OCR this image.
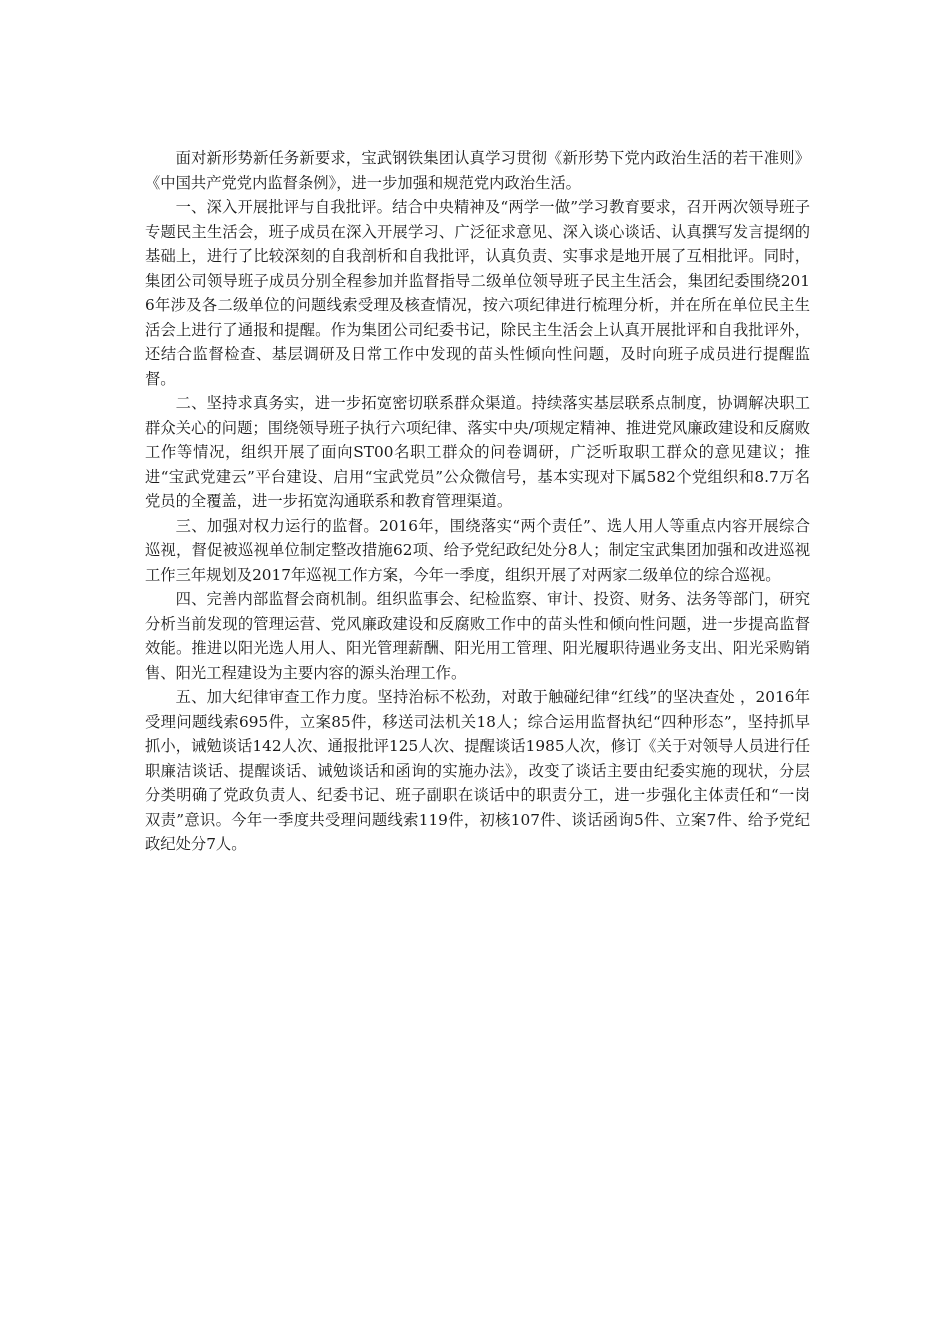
面对新形势新任务新要求，宝武钢铁集团认真学习贯彻《新形势下党内政治生活的若干准则》《中国共产党党内监督条例》，进一步加强和规范党内政治生活。

一、深入开展批评与自我批评。结合中央精神及“两学一做”学习教育要求，召开两次领导班子专题民主生活会，班子成员在深入开展学习、广泛征求意见、深入谈心谈话、认真撰写发言提纲的基础上，进行了比较深刻的自我剖析和自我批评，认真负责、实事求是地开展了互相批评。同时，集团公司领导班子成员分别全程参加并监督指导二级单位领导班子民主生活会，集团纪委围绕2016年涉及各二级单位的问题线索受理及核查情况，按六项纪律进行梳理分析，并在所在单位民主生活会上进行了通报和提醒。作为集团公司纪委书记，除民主生活会上认真开展批评和自我批评外，还结合监督检查、基层调研及日常工作中发现的苗头性倾向性问题，及时向班子成员进行提醒监督。

二、坚持求真务实，进一步拓宽密切联系群众渠道。持续落实基层联系点制度，协调解决职工群众关心的问题；围绕领导班子执行六项纪律、落实中央/项规定精神、推进党风廉政建设和反腐败工作等情况，组织开展了面向ST00名职工群众的问卷调研，广泛听取职工群众的意见建议；推进“宝武党建云”平台建设、启用“宝武党员”公众微信号，基本实现对下属582个党组织和8.7万名党员的全覆盖，进一步拓宽沟通联系和教育管理渠道。

三、加强对权力运行的监督。2016年，围绕落实“两个责任”、选人用人等重点内容开展综合巡视，督促被巡视单位制定整改措施62项、给予党纪政纪处分8人；制定宝武集团加强和改进巡视工作三年规划及2017年巡视工作方案，今年一季度，组织开展了对两家二级单位的综合巡视。

四、完善内部监督会商机制。组织监事会、纪检监察、审计、投资、财务、法务等部门，研究分析当前发现的管理运营、党风廉政建设和反腐败工作中的苗头性和倾向性问题，进一步提高监督效能。推进以阳光选人用人、阳光管理薪酬、阳光用工管理、阳光履职待遇业务支出、阳光采购销售、阳光工程建设为主要内容的源头治理工作。

五、加大纪律审查工作力度。坚持治标不松劲，对敢于触碰纪律“红线”的坚决查处 ，2016年受理问题线索695件，立案85件，移送司法机关18人；综合运用监督执纪“四种形态”，坚持抓早抓小，诫勉谈话142人次、通报批评125人次、提醒谈话1985人次，修订《关于对领导人员进行任职廉洁谈话、提醒谈话、诫勉谈话和函询的实施办法》，改变了谈话主要由纪委实施的现状，分层分类明确了党政负责人、纪委书记、班子副职在谈话中的职责分工，进一步强化主体责任和“一岗双责”意识。今年一季度共受理问题线索119件，初核107件、谈话函询5件、立案7件、给予党纪政纪处分7人。
